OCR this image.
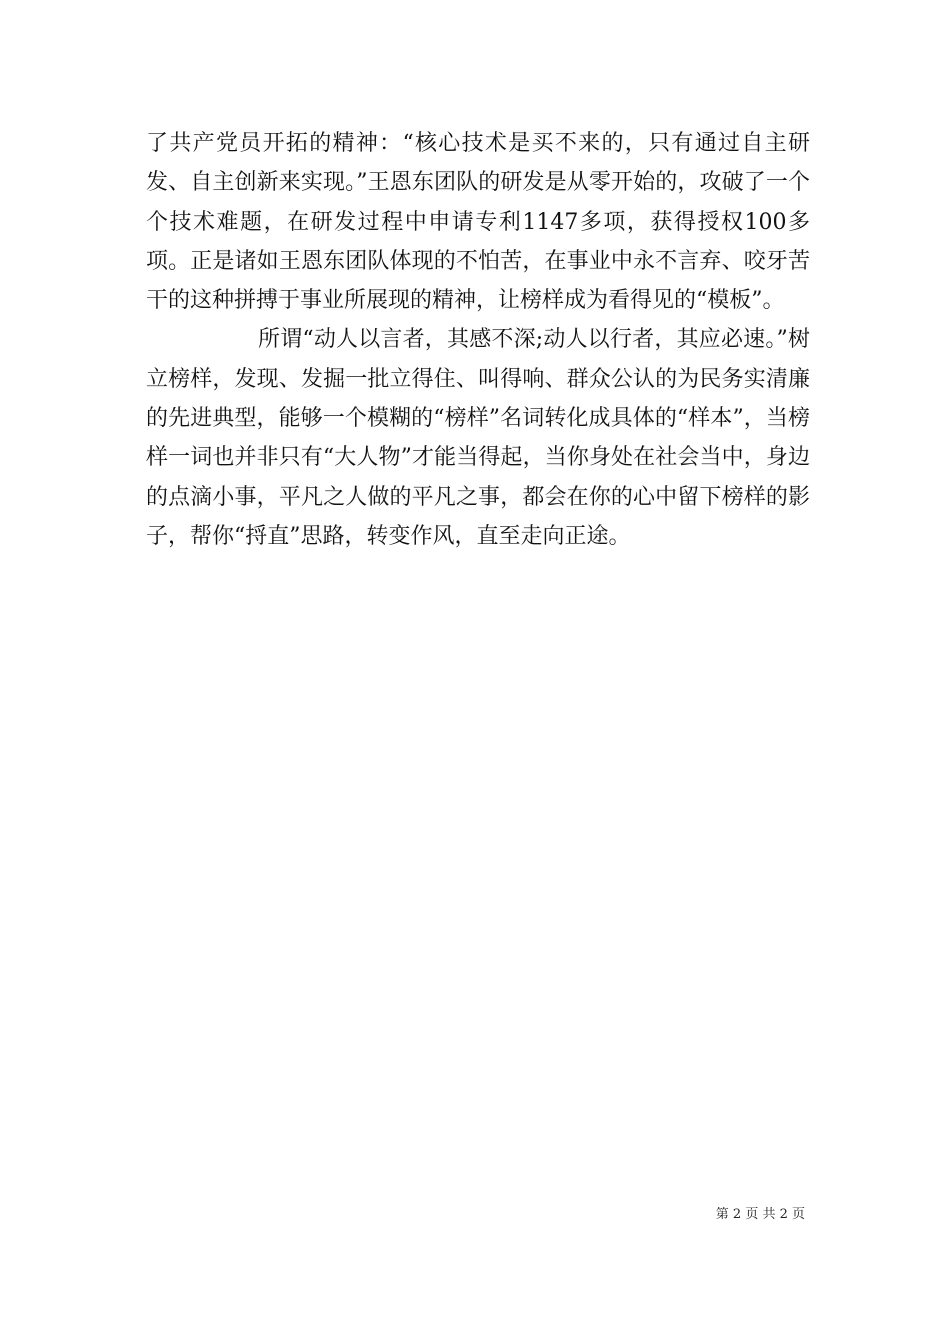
了共产党员开拓的精神：“核心技术是买不来的，只有通过自主研发、自主创新来实现。”王恩东团队的研发是从零开始的，攻破了一个个技术难题，在研发过程中申请专利1147多项，获得授权100多项。正是诸如王恩东团队体现的不怕苦，在事业中永不言弃、咬牙苦干的这种拼搏于事业所展现的精神，让榜样成为看得见的“模板”。

所谓“动人以言者，其感不深;动人以行者，其应必速。”树立榜样，发现、发掘一批立得住、叫得响、群众公认的为民务实清廉的先进典型，能够一个模糊的“榜样”名词转化成具体的“样本”，当榜样一词也并非只有“大人物”才能当得起，当你身处在社会当中，身边的点滴小事，平凡之人做的平凡之事，都会在你的心中留下榜样的影子，帮你“捋直”思路，转变作风，直至走向正途。

第 2 页 共 2 页
